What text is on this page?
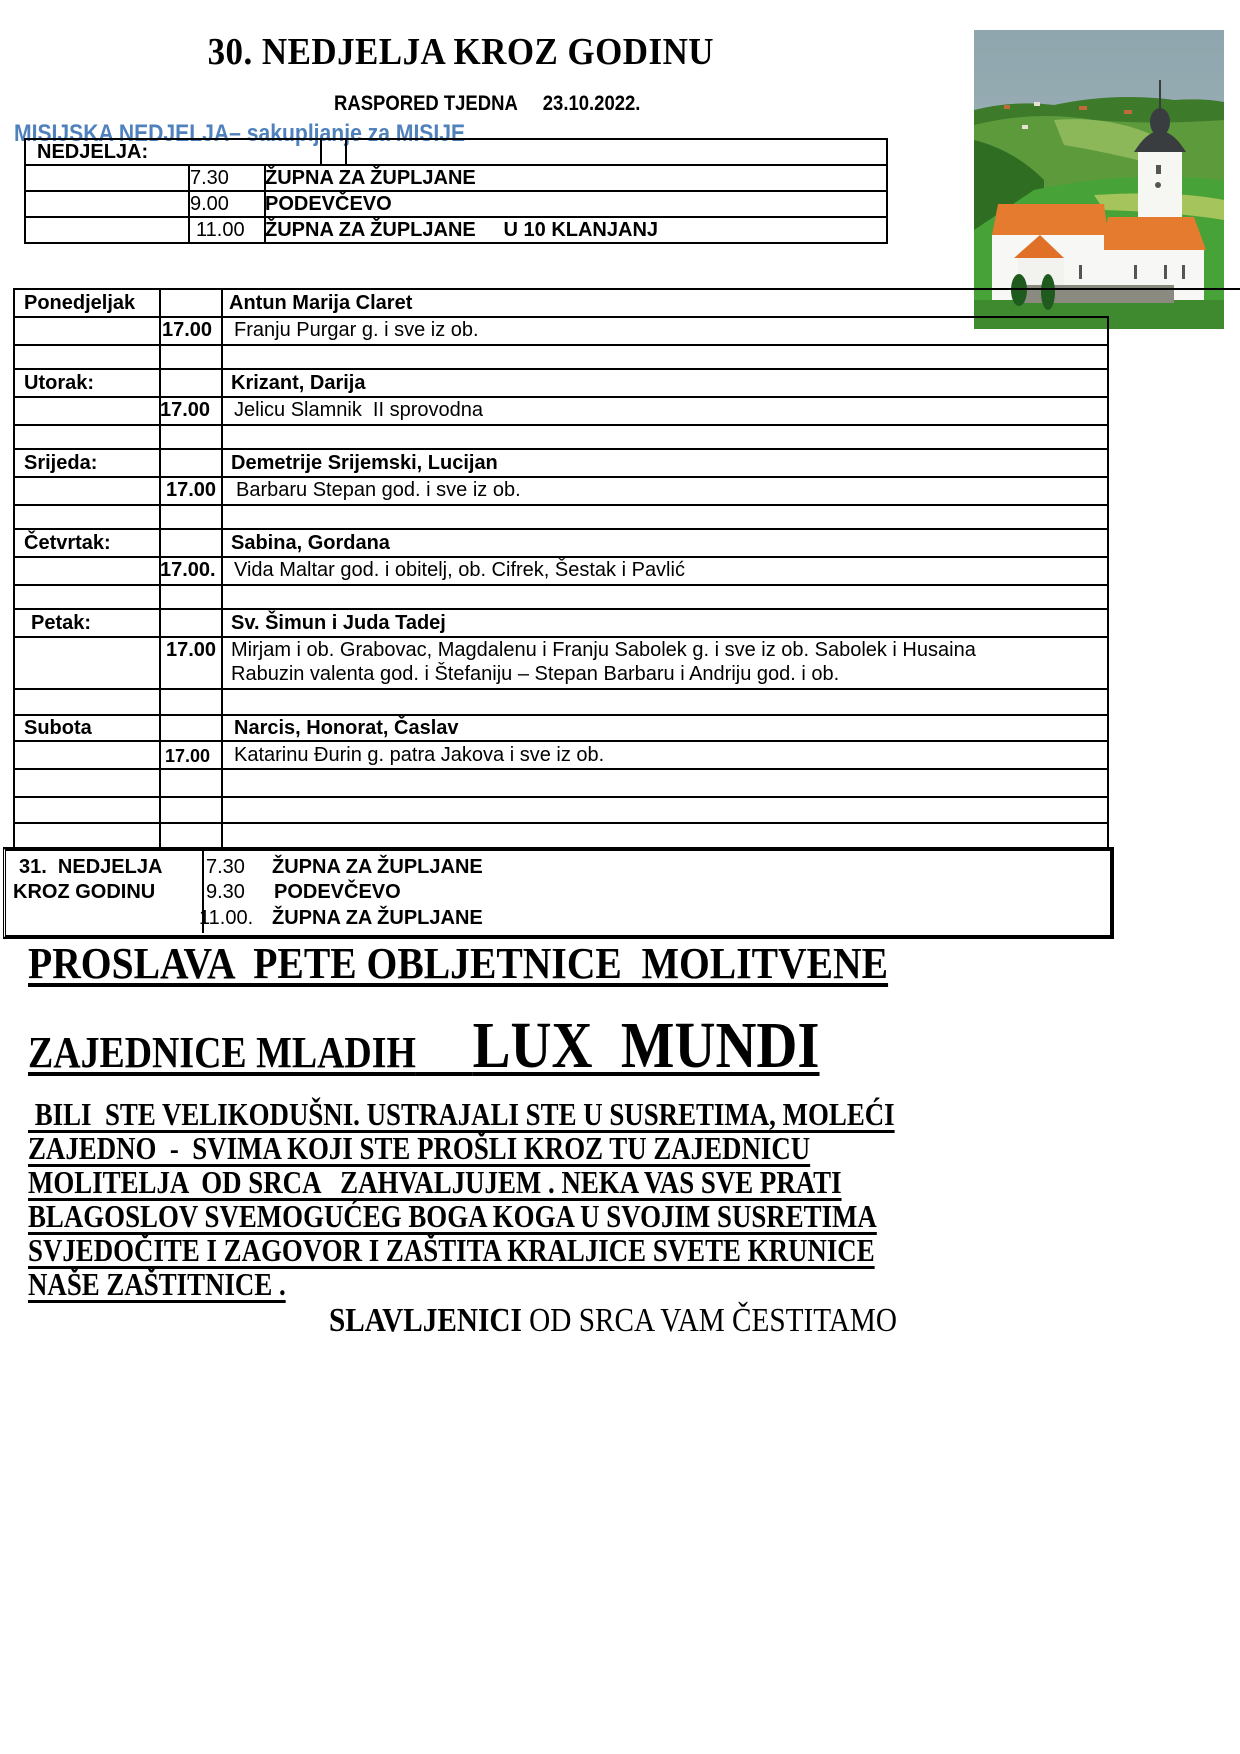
30. NEDJELJA KROZ GODINU
RASPORED TJEDNA     23.10.2022.
MISIJSKA NEDJELJA– sakupljanje za MISIJE
NEDJELJA:
7.30 ŽUPNA ZA ŽUPLJANE
9.00 PODEVČEVO
11.00 ŽUPNA ZA ŽUPLJANE     U 10 KLANJANJ
Ponedjeljak	Antun Marija Claret
17.00 Franju Purgar g. i sve iz ob.
Utorak:	Krizant, Darija
17.00 Jelicu Slamnik  II sprovodna
Srijeda:	Demetrije Srijemski, Lucijan
17.00 Barbaru Stepan god. i sve iz ob.
Četvrtak:	Sabina, Gordana
17.00. Vida Maltar god. i obitelj, ob. Cifrek, Šestak i Pavlić
Petak:	Sv. Šimun i Juda Tadej
17.00 Mirjam i ob. Grabovac, Magdalenu i Franju Sabolek g. i sve iz ob. Sabolek i Husaina
Rabuzin valenta god. i Štefaniju – Stepan Barbaru i Andriju god. i ob.
Subota	Narcis, Honorat, Časlav
17.00 Katarinu Đurin g. patra Jakova i sve iz ob.
31.  NEDJELJA
KROZ GODINU
7.30 ŽUPNA ZA ŽUPLJANE
9.30 PODEVČEVO
11.00. ŽUPNA ZA ŽUPLJANE
PROSLAVA  PETE OBLJETNICE  MOLITVENE
ZAJEDNICE MLADIH LUX  MUNDI
BILI  STE VELIKODUŠNI. USTRAJALI STE U SUSRETIMA, MOLEĆI
ZAJEDNO  -  SVIMA KOJI STE PROŠLI KROZ TU ZAJEDNICU
MOLITELJA  OD SRCA   ZAHVALJUJEM . NEKA VAS SVE PRATI
BLAGOSLOV SVEMOGUĆEG BOGA KOGA U SVOJIM SUSRETIMA
SVJEDOČITE I ZAGOVOR I ZAŠTITA KRALJICE SVETE KRUNICE
NAŠE ZAŠTITNICE .
SLAVLJENICI OD SRCA VAM ČESTITAMO
